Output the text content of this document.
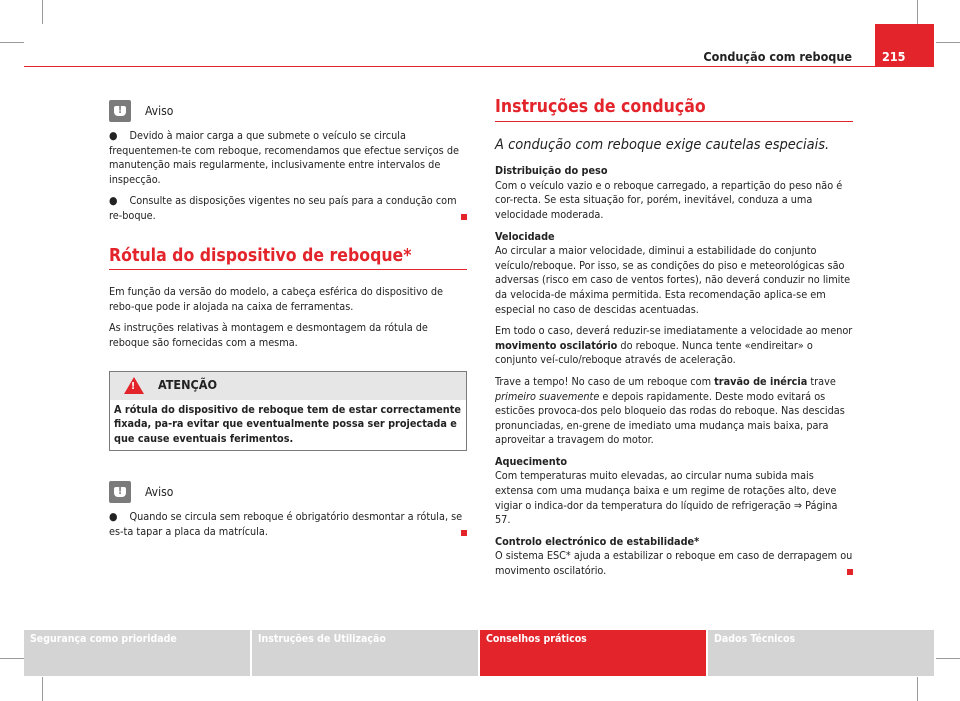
Condução com reboque	215
!
Aviso

● Devido à maior carga a que submete o veículo se circula frequentemen-te com reboque, recomendamos que efectue serviços de manutenção mais regularmente, inclusivamente entre intervalos de inspecção.

● Consulte as disposições vigentes no seu país para a condução com re-boque.

Rótula do dispositivo de reboque*

Em função da versão do modelo, a cabeça esférica do dispositivo de rebo-que pode ir alojada na caixa de ferramentas.

As instruções relativas à montagem e desmontagem da rótula de reboque são fornecidas com a mesma.

! ATENÇÃO
A rótula do dispositivo de reboque tem de estar correctamente fixada, pa-ra evitar que eventualmente possa ser projectada e que cause eventuais ferimentos.
!
Aviso

● Quando se circula sem reboque é obrigatório desmontar a rótula, se es-ta tapar a placa da matrícula.

Instruções de condução
A condução com reboque exige cautelas especiais.

Distribuição do peso

Com o veículo vazio e o reboque carregado, a repartição do peso não é cor-recta. Se esta situação for, porém, inevitável, conduza a uma velocidade moderada.

Velocidade

Ao circular a maior velocidade, diminui a estabilidade do conjunto veículo/reboque. Por isso, se as condições do piso e meteorológicas são adversas (risco em caso de ventos fortes), não deverá conduzir no limite da velocida-de máxima permitida. Esta recomendação aplica-se em especial no caso de descidas acentuadas.

Em todo o caso, deverá reduzir-se imediatamente a velocidade ao menor movimento oscilatório do reboque. Nunca tente «endireitar» o conjunto veí-culo/reboque através de aceleração.

Trave a tempo! No caso de um reboque com travão de inércia trave primeiro suavemente e depois rapidamente. Deste modo evitará os esticões provoca-dos pelo bloqueio das rodas do reboque. Nas descidas pronunciadas, en-grene de imediato uma mudança mais baixa, para aproveitar a travagem do motor.

Aquecimento

Com temperaturas muito elevadas, ao circular numa subida mais extensa com uma mudança baixa e um regime de rotações alto, deve vigiar o indica-dor da temperatura do líquido de refrigeração ⇒ Página 57.

Controlo electrónico de estabilidade*

O sistema ESC* ajuda a estabilizar o reboque em caso de derrapagem ou movimento oscilatório.

Segurança como prioridade	Instruções de Utilização	Conselhos práticos	Dados Técnicos
